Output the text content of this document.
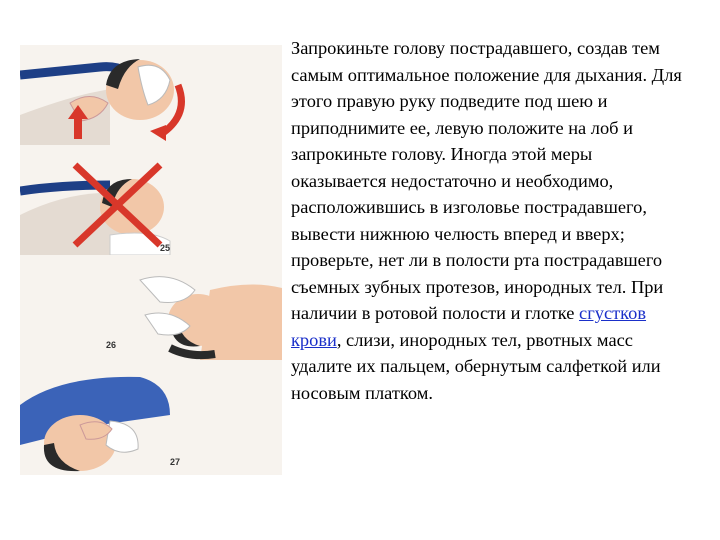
25
26
27
Запрокиньте голову пострадавшего, создав тем самым оптимальное положение для дыхания. Для этого правую руку подведите под шею и приподнимите ее, левую положите на лоб и запрокиньте голову. Иногда этой меры оказывается недостаточно и необходимо, расположившись в изголовье пострадавшего, вывести нижнюю челюсть вперед и вверх; проверьте, нет ли в полости рта пострадавшего съемных зубных протезов, инородных тел. При наличии в ротовой полости и глотке сгустков крови, слизи, инородных тел, рвотных масс удалите их пальцем, обернутым салфеткой или носовым платком.
